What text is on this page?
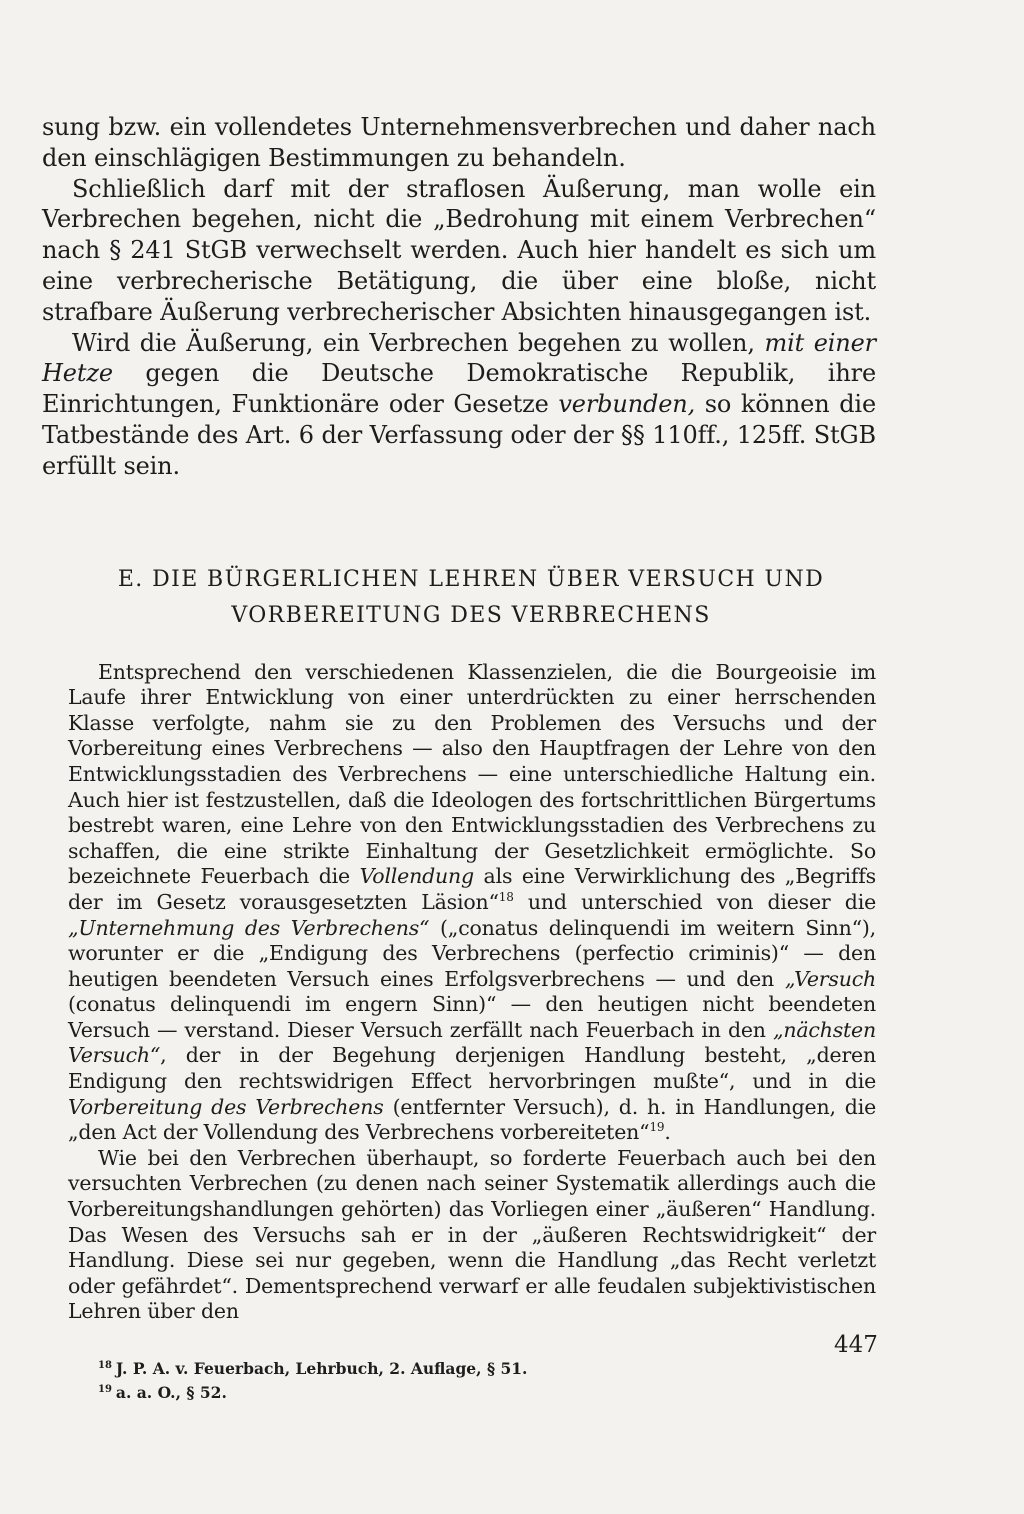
sung bzw. ein vollendetes Unternehmensverbrechen und daher nach den einschlägigen Bestimmungen zu behandeln.

Schließlich darf mit der straflosen Äußerung, man wolle ein Verbrechen begehen, nicht die „Bedrohung mit einem Verbrechen“ nach § 241 StGB verwechselt werden. Auch hier handelt es sich um eine verbrecherische Betätigung, die über eine bloße, nicht strafbare Äußerung verbrecherischer Absichten hinausgegangen ist.

Wird die Äußerung, ein Verbrechen begehen zu wollen, mit einer Hetze gegen die Deutsche Demokratische Republik, ihre Einrichtungen, Funktionäre oder Gesetze verbunden, so können die Tatbestände des Art. 6 der Verfassung oder der §§ 110ff., 125ff. StGB erfüllt sein.

E. DIE BÜRGERLICHEN LEHREN ÜBER VERSUCH UND
VORBEREITUNG DES VERBRECHENS

Entsprechend den verschiedenen Klassenzielen, die die Bourgeoisie im Laufe ihrer Entwicklung von einer unterdrückten zu einer herrschenden Klasse verfolgte, nahm sie zu den Problemen des Versuchs und der Vorbereitung eines Verbrechens — also den Hauptfragen der Lehre von den Entwicklungsstadien des Verbrechens — eine unterschiedliche Haltung ein. Auch hier ist festzustellen, daß die Ideologen des fortschrittlichen Bürgertums bestrebt waren, eine Lehre von den Entwicklungsstadien des Verbrechens zu schaffen, die eine strikte Einhaltung der Gesetzlichkeit ermöglichte. So bezeichnete Feuerbach die Vollendung als eine Verwirklichung des „Begriffs der im Gesetz vorausgesetzten Läsion“$^{18}$ und unterschied von dieser die „Unternehmung des Verbrechens“ („conatus delinquendi im weitern Sinn“), worunter er die „Endigung des Verbrechens (perfectio criminis)“ — den heutigen beendeten Versuch eines Erfolgsverbrechens — und den „Versuch (conatus delinquendi im engern Sinn)“ — den heutigen nicht beendeten Versuch — verstand. Dieser Versuch zerfällt nach Feuerbach in den „nächsten Versuch“, der in der Begehung derjenigen Handlung besteht, „deren Endigung den rechtswidrigen Effect hervorbringen mußte“, und in die Vorbereitung des Verbrechens (entfernter Versuch), d. h. in Handlungen, die „den Act der Vollendung des Verbrechens vorbereiteten“$^{19}$.

Wie bei den Verbrechen überhaupt, so forderte Feuerbach auch bei den versuchten Verbrechen (zu denen nach seiner Systematik allerdings auch die Vorbereitungshandlungen gehörten) das Vorliegen einer „äußeren“ Handlung. Das Wesen des Versuchs sah er in der „äußeren Rechtswidrigkeit“ der Handlung. Diese sei nur gegeben, wenn die Handlung „das Recht verletzt oder gefährdet“. Dementsprechend verwarf er alle feudalen subjektivistischen Lehren über den

$^{18}$ J. P. A. v. Feuerbach, Lehrbuch, 2. Auflage, § 51.

$^{19}$ a. a. O., § 52.

447
